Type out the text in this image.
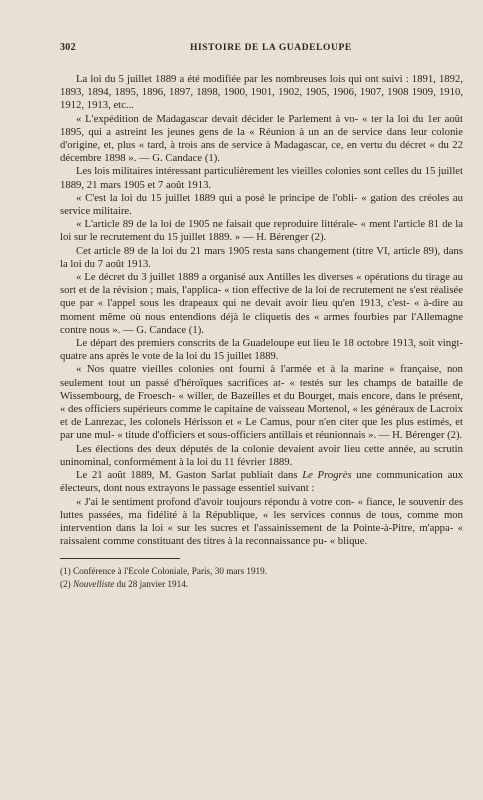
302	HISTOIRE DE LA GUADELOUPE

La loi du 5 juillet 1889 a été modifiée par les nombreuses lois qui ont suivi : 1891, 1892, 1893, 1894, 1895, 1896, 1897, 1898, 1900, 1901, 1902, 1905, 1906, 1907, 1908 1909, 1910, 1912, 1913, etc...

« L'expédition de Madagascar devait décider le Parlement à vo- « ter la loi du 1er août 1895, qui a astreint les jeunes gens de la « Réunion à un an de service dans leur colonie d'origine, et, plus « tard, à trois ans de service à Madagascar, ce, en vertu du décret « du 22 décembre 1898 ». — G. Candace (1).

Les lois militaires intéressant particulièrement les vieilles colonies sont celles du 15 juillet 1889, 21 mars 1905 et 7 août 1913.

« C'est la loi du 15 juillet 1889 qui a posé le principe de l'obli- « gation des créoles au service militaire.

« L'article 89 de la loi de 1905 ne faisait que reproduire littérale- « ment l'article 81 de la loi sur le recrutement du 15 juillet 1889. » — H. Bérenger (2).

Cet article 89 de la loi du 21 mars 1905 resta sans changement (titre VI, article 89), dans la loi du 7 août 1913.

« Le décret du 3 juillet 1889 a organisé aux Antilles les diverses « opérations du tirage au sort et de la révision ; mais, l'applica- « tion effective de la loi de recrutement ne s'est réalisée que par « l'appel sous les drapeaux qui ne devait avoir lieu qu'en 1913, c'est- « à-dire au moment même où nous entendions déjà le cliquetis des « armes fourbies par l'Allemagne contre nous ». — G. Candace (1).

Le départ des premiers conscrits de la Guadeloupe eut lieu le 18 octobre 1913, soit vingt-quatre ans après le vote de la loi du 15 juillet 1889.

« Nos quatre vieilles colonies ont fourni à l'armée et à la marine « française, non seulement tout un passé d'héroïques sacrifices at- « testés sur les champs de bataille de Wissembourg, de Froesch- « willer, de Bazeilles et du Bourget, mais encore, dans le présent, « des officiers supérieurs comme le capitaine de vaisseau Mortenol, « les généraux de Lacroix et de Lanrezac, les colonels Hérisson et « Le Camus, pour n'en citer que les plus estimés, et par une mul- « titude d'officiers et sous-officiers antillais et réunionnais ». — H. Bérenger (2).

Les élections des deux députés de la colonie devaient avoir lieu cette année, au scrutin uninominal, conformément à la loi du 11 février 1889.

Le 21 août 1889, M. Gaston Sarlat publiait dans Le Progrès une communication aux électeurs, dont nous extrayons le passage essentiel suivant :

« J'ai le sentiment profond d'avoir toujours répondu à votre con- « fiance, le souvenir des luttes passées, ma fidélité à la République, « les services connus de tous, comme mon intervention dans la loi « sur les sucres et l'assainissement de la Pointe-à-Pitre, m'appa- « raissaient comme constituant des titres à la reconnaissance pu- « blique.

(1) Conférence à l'Ecole Coloniale, Paris, 30 mars 1919.
(2) Nouvelliste du 28 janvier 1914.
